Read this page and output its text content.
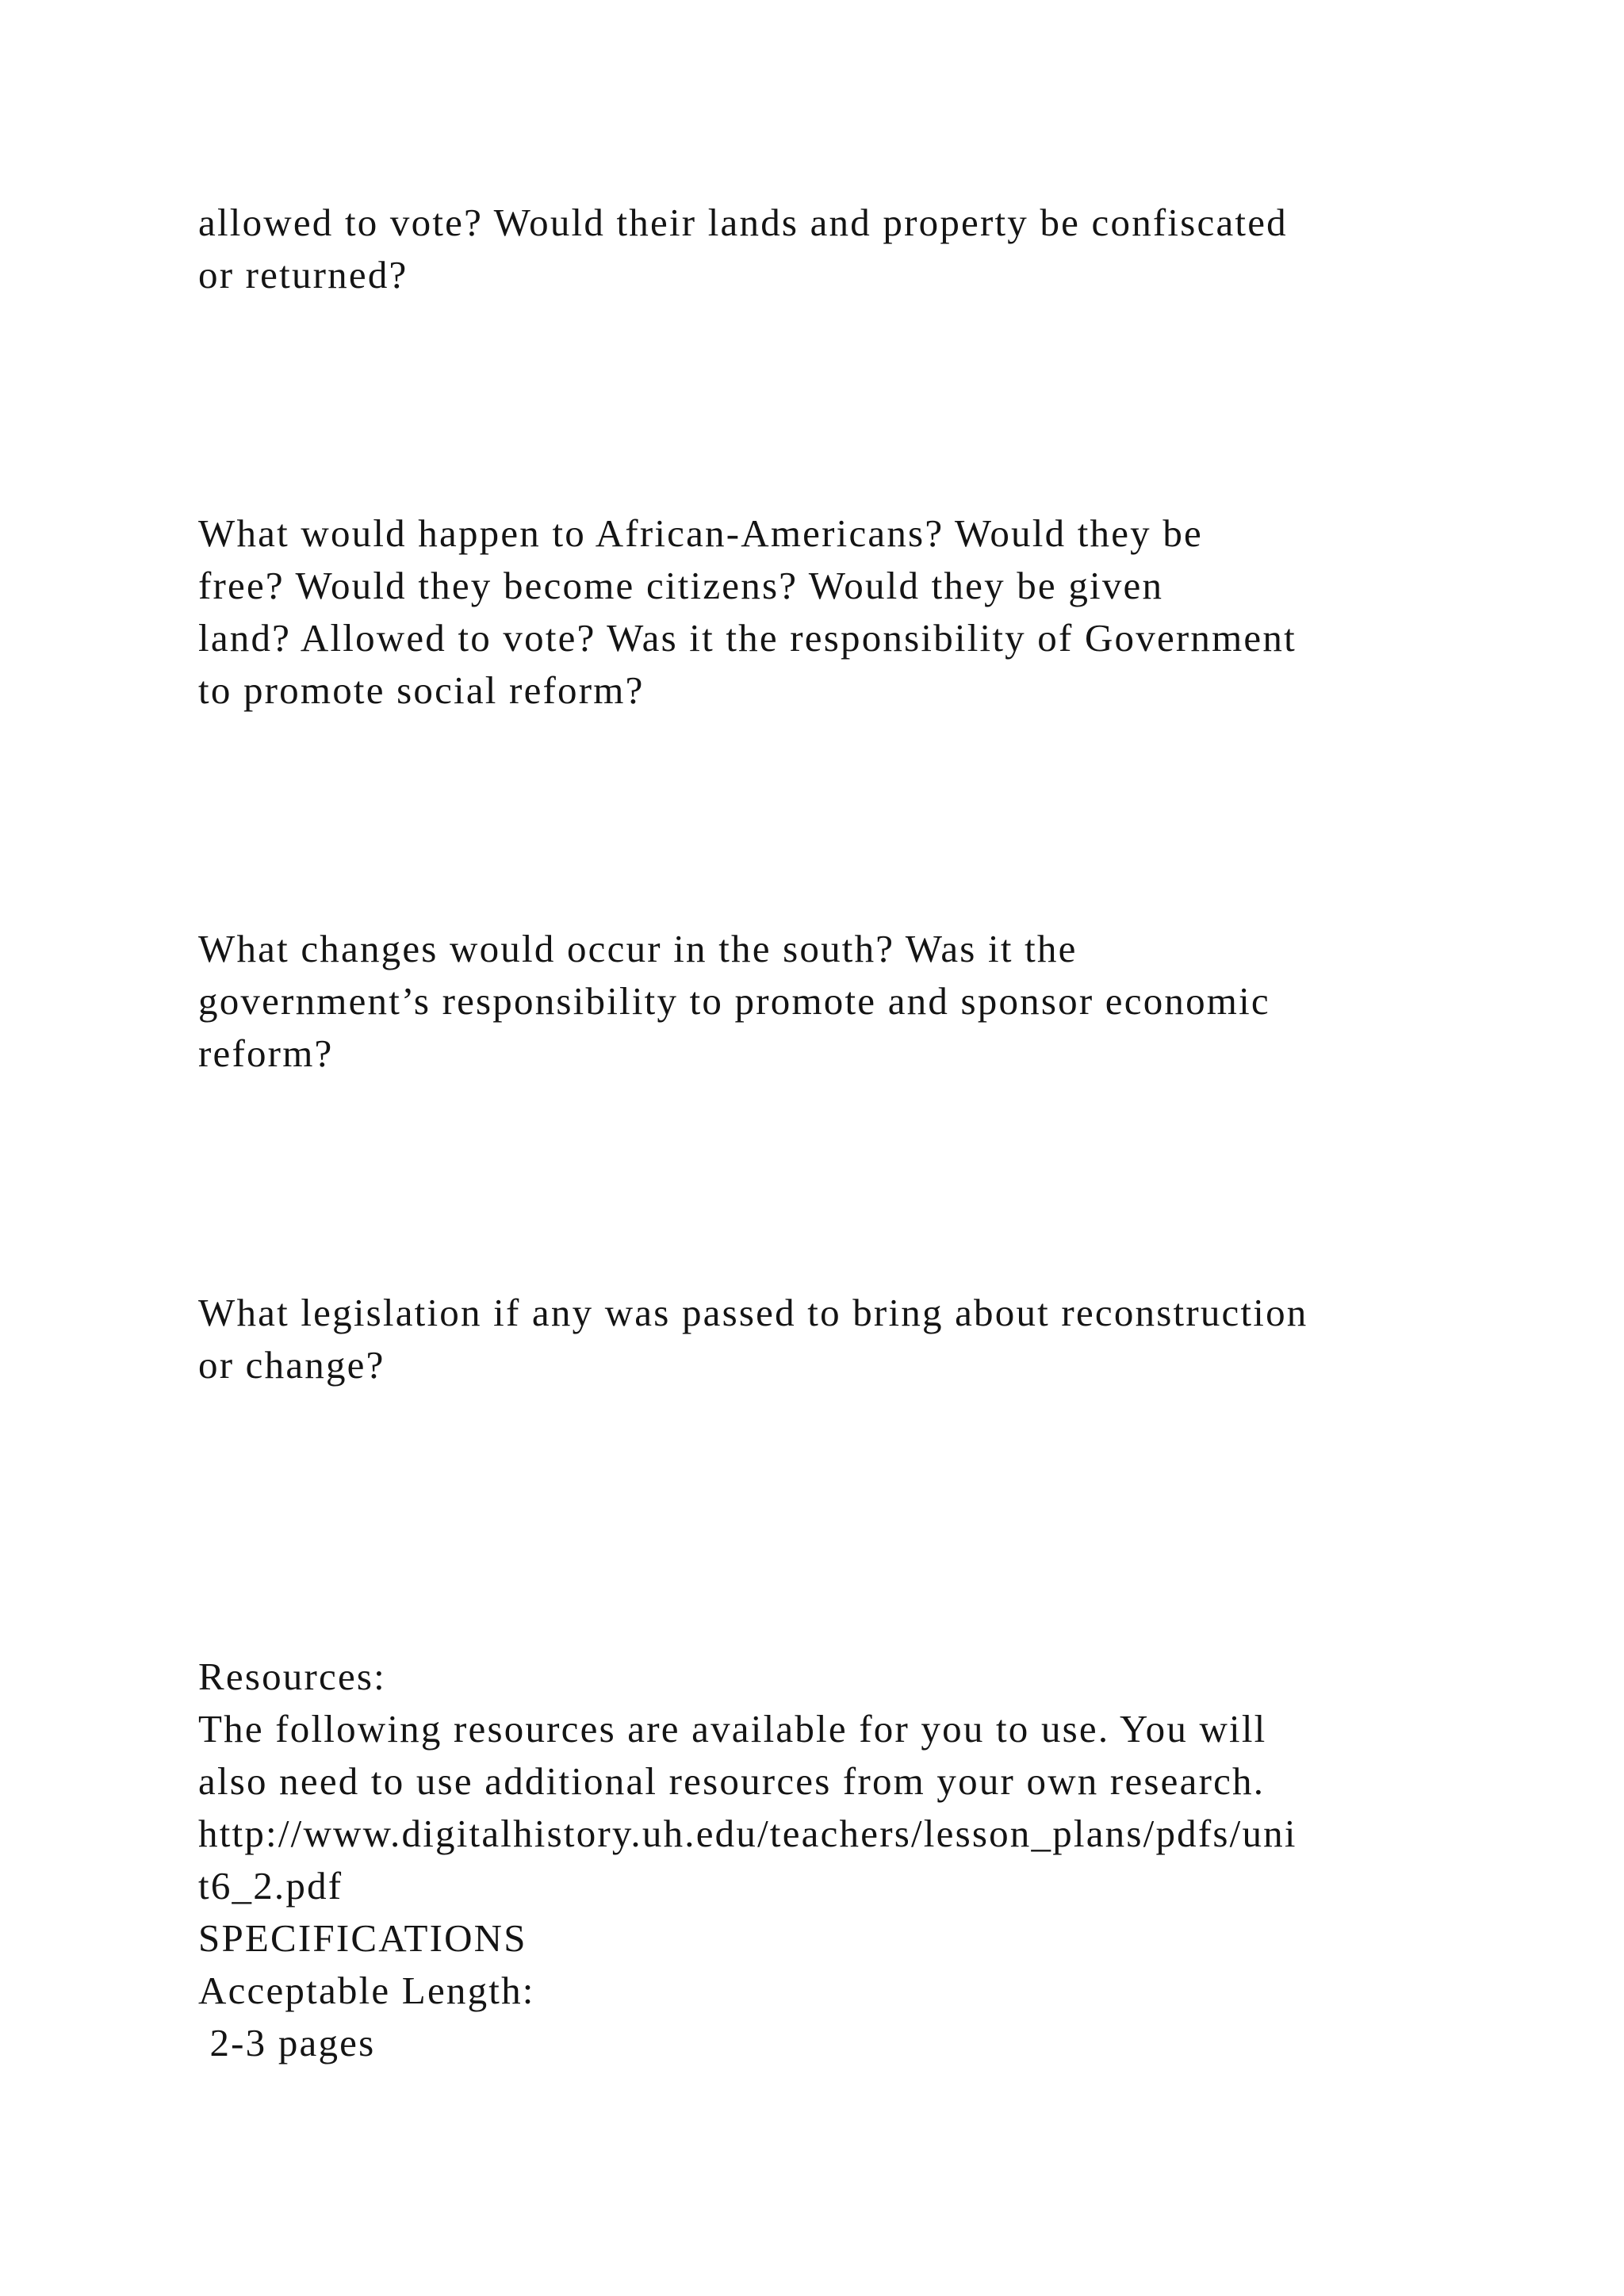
allowed to vote? Would their lands and property be confiscated
or returned?
What would happen to African-Americans? Would they be
free? Would they become citizens? Would they be given
land? Allowed to vote? Was it the responsibility of Government
to promote social reform?
What changes would occur in the south? Was it the
government’s responsibility to promote and sponsor economic
reform?
What legislation if any was passed to bring about reconstruction
or change?
Resources:
The following resources are available for you to use. You will
also need to use additional resources from your own research.
http://www.digitalhistory.uh.edu/teachers/lesson_plans/pdfs/uni
t6_2.pdf
SPECIFICATIONS
Acceptable Length:
2-3 pages
